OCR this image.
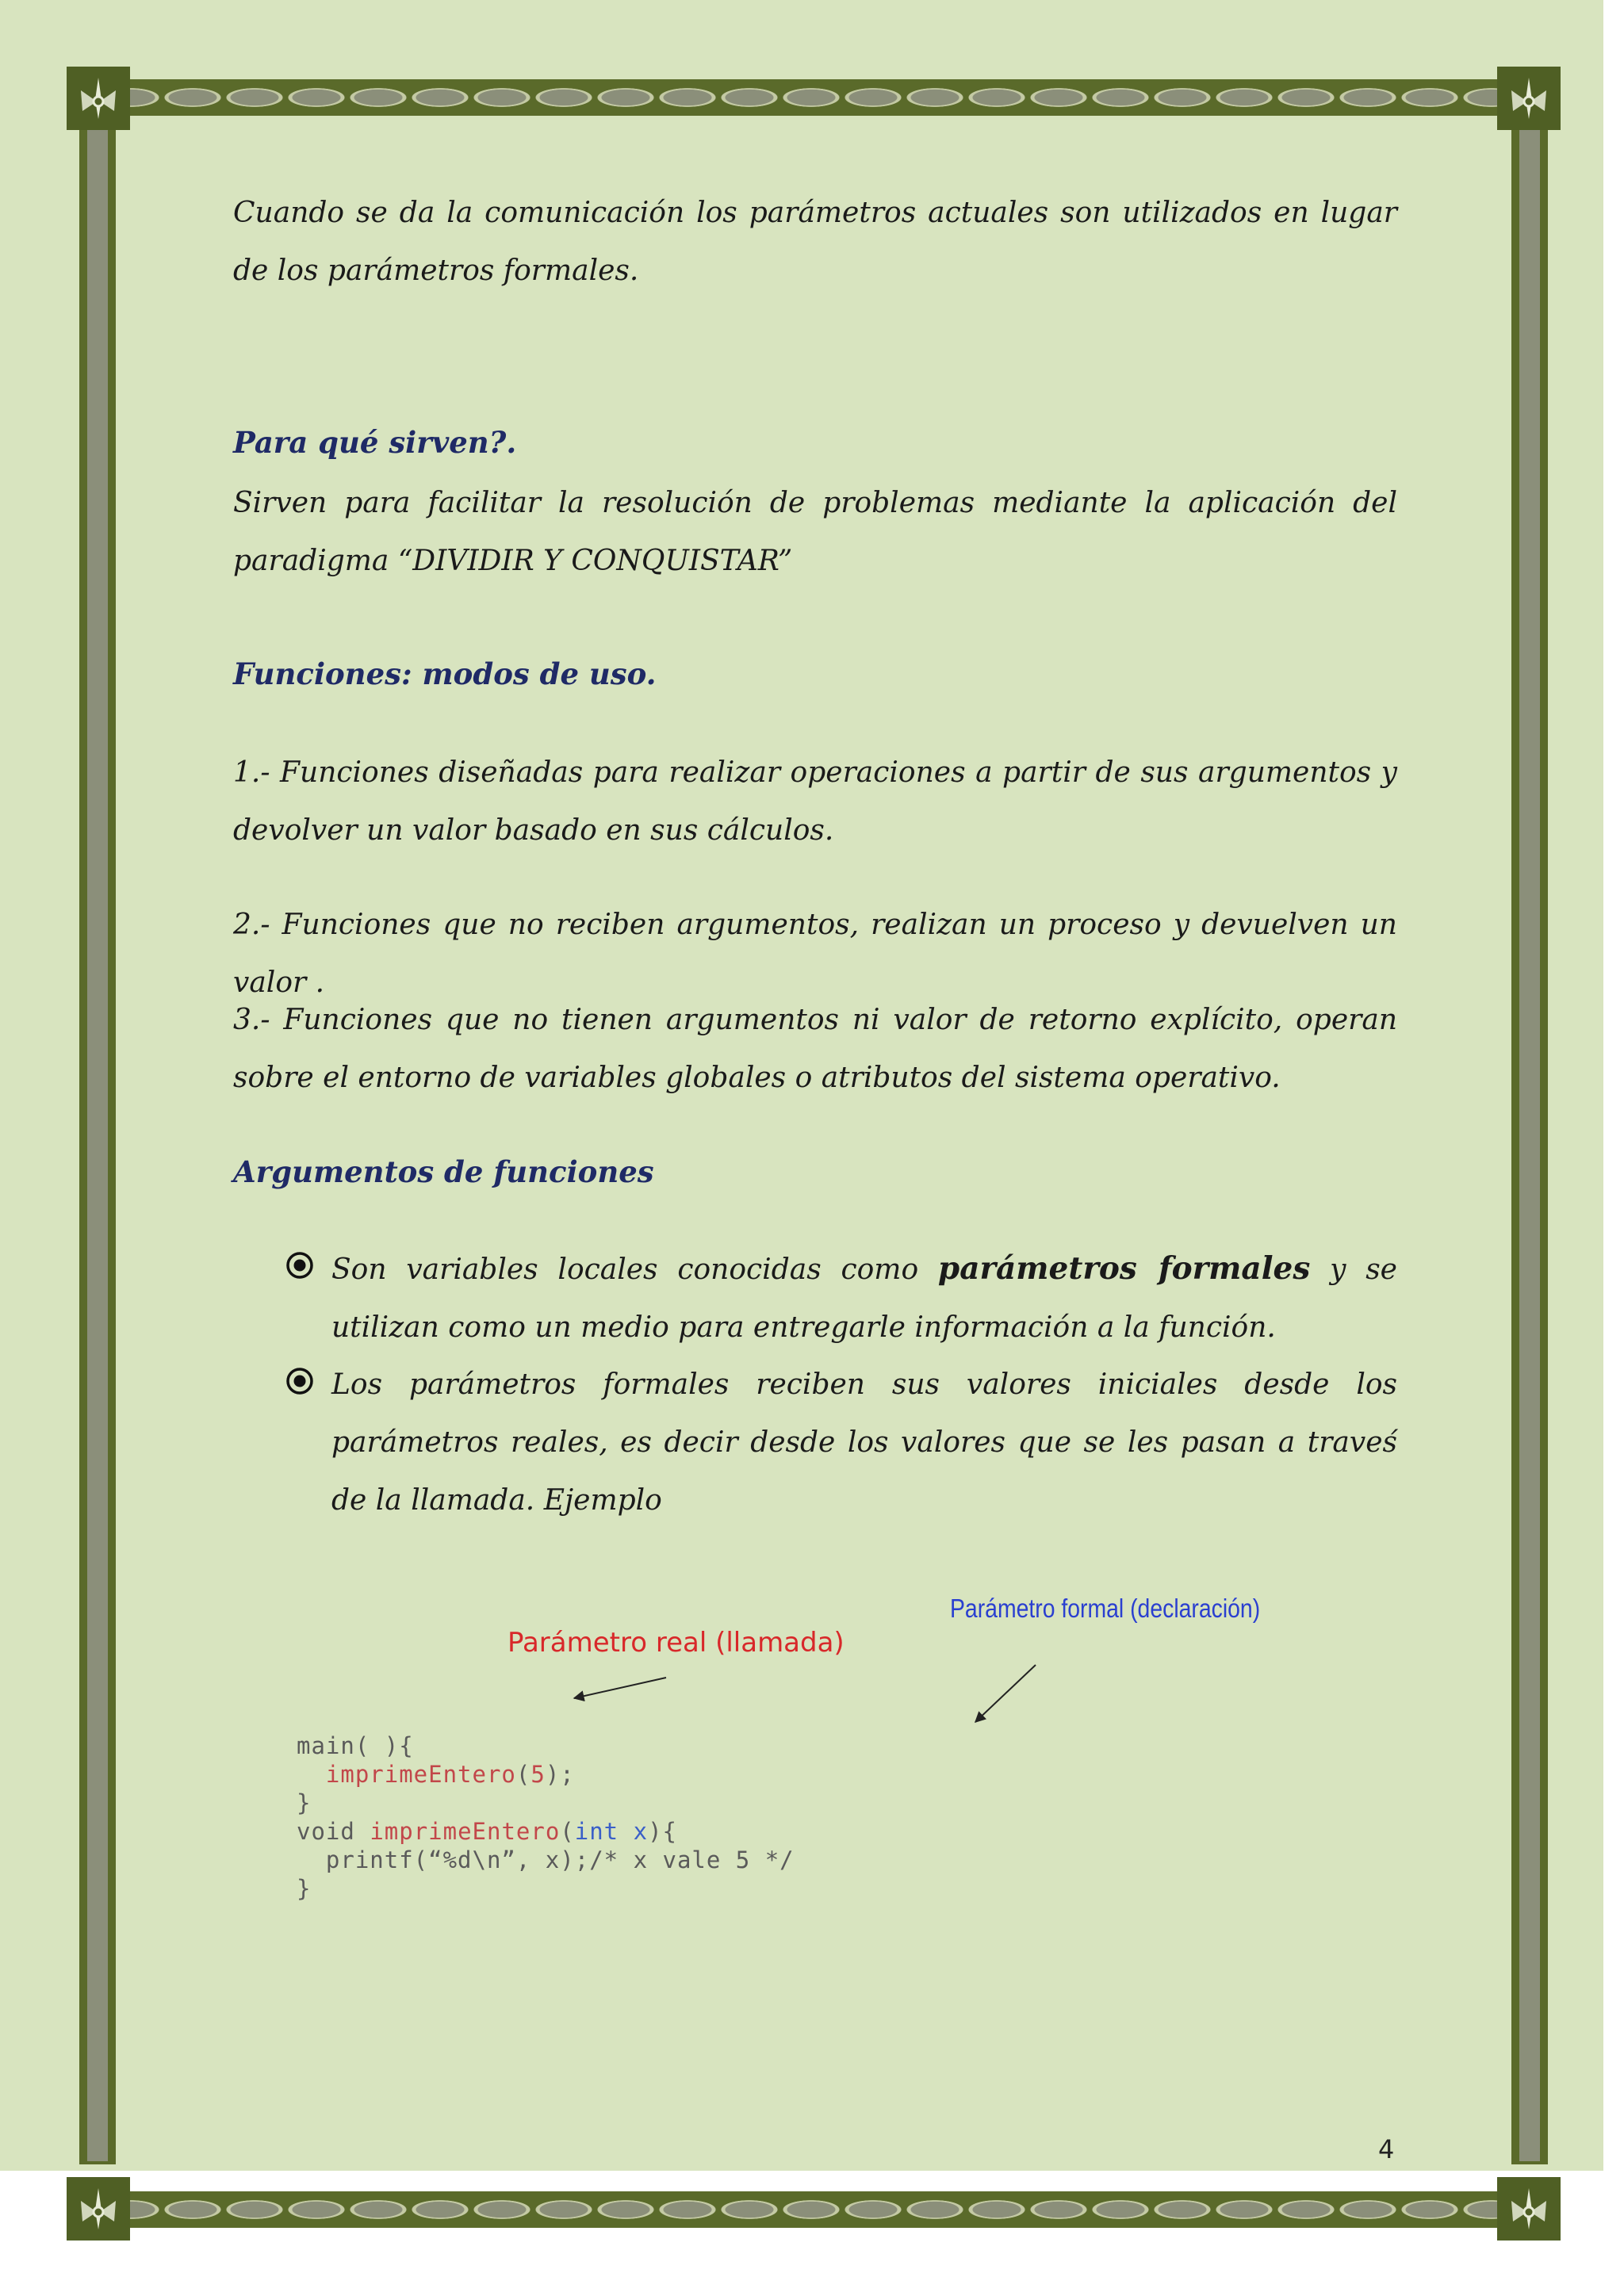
Cuando se da la comunicación los parámetros actuales son utilizados en lugar de los parámetros formales.
Para qué sirven?.
Sirven para facilitar la resolución de problemas mediante la aplicación del paradigma “DIVIDIR Y CONQUISTAR”
Funciones: modos de uso.
1.- Funciones diseñadas para realizar operaciones a partir de sus argumentos y devolver un valor basado en sus cálculos.
2.- Funciones que no reciben argumentos, realizan un proceso y devuelven un valor .
3.- Funciones que no tienen argumentos ni valor de retorno explícito, operan sobre el entorno de variables globales o atributos del sistema operativo.
Argumentos de funciones
Son variables locales conocidas como parámetros formales y se utilizan como un medio para entregarle información a la función.
Los parámetros formales reciben sus valores iniciales desde los parámetros reales, es decir desde los valores que se les pasan a traveś de la llamada. Ejemplo
Parámetro formal (declaración)
Parámetro real (llamada)
main( ){
imprimeEntero(5);
}
void imprimeEntero(int x){
printf(“%d\n”, x);/* x vale 5 */
}
4
